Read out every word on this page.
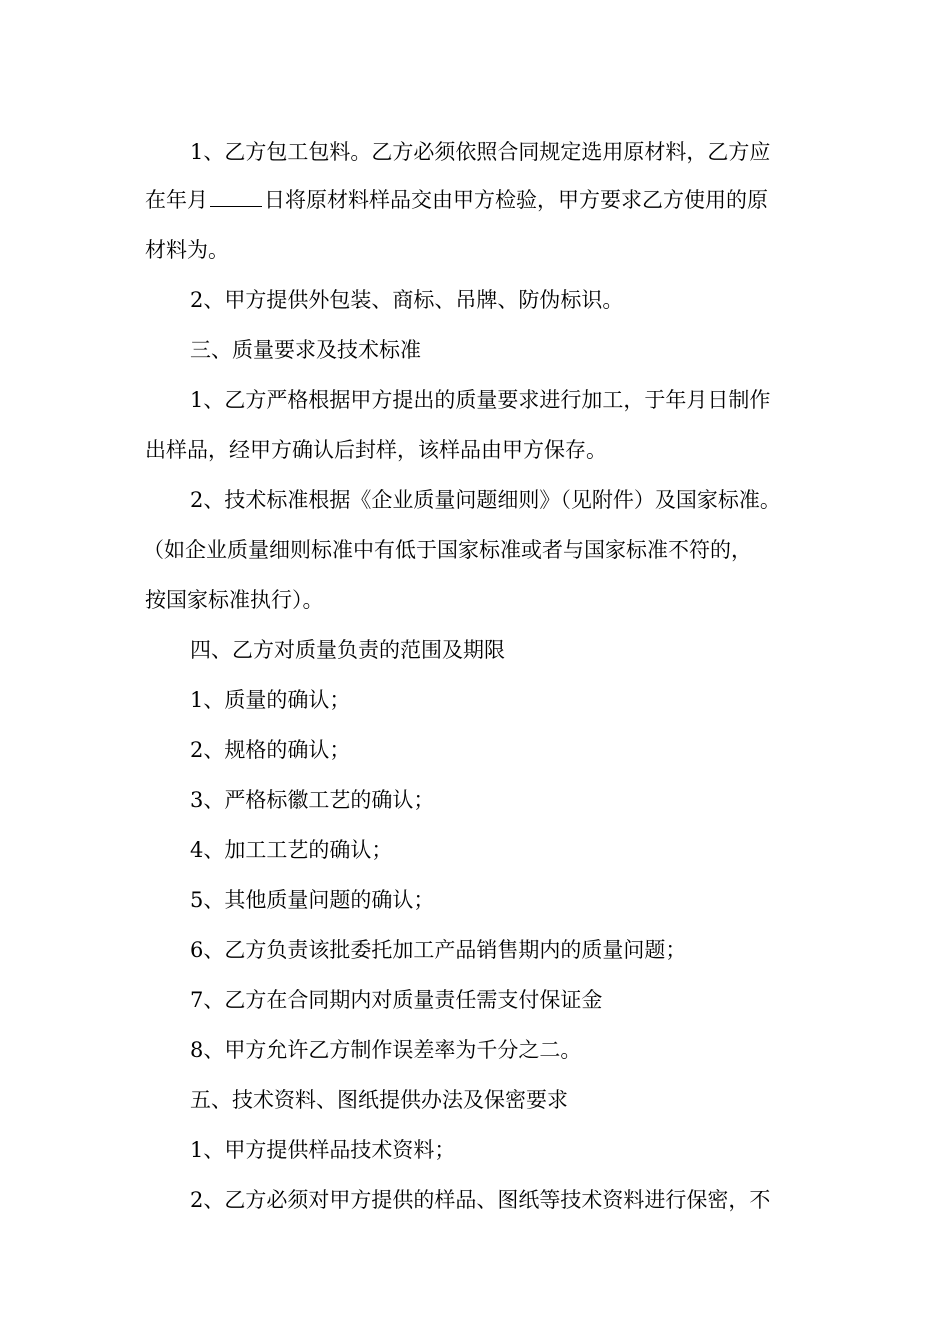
1、乙方包工包料。乙方必须依照合同规定选用原材料，乙方应
在年月	日将原材料样品交由甲方检验，甲方要求乙方使用的原
材料为。
2、甲方提供外包装、商标、吊牌、防伪标识。
三、质量要求及技术标准
1、乙方严格根据甲方提出的质量要求进行加工，于年月日制作
出样品，经甲方确认后封样，该样品由甲方保存。
2、技术标准根据《企业质量问题细则》（见附件）及国家标准。
（如企业质量细则标准中有低于国家标准或者与国家标准不符的，
按国家标准执行）。
四、乙方对质量负责的范围及期限
1、质量的确认；
2、规格的确认；
3、严格标徽工艺的确认；
4、加工工艺的确认；
5、其他质量问题的确认；
6、乙方负责该批委托加工产品销售期内的质量问题；
7、乙方在合同期内对质量责任需支付保证金
8、甲方允许乙方制作误差率为千分之二。
五、技术资料、图纸提供办法及保密要求
1、甲方提供样品技术资料；
2、乙方必须对甲方提供的样品、图纸等技术资料进行保密，不
